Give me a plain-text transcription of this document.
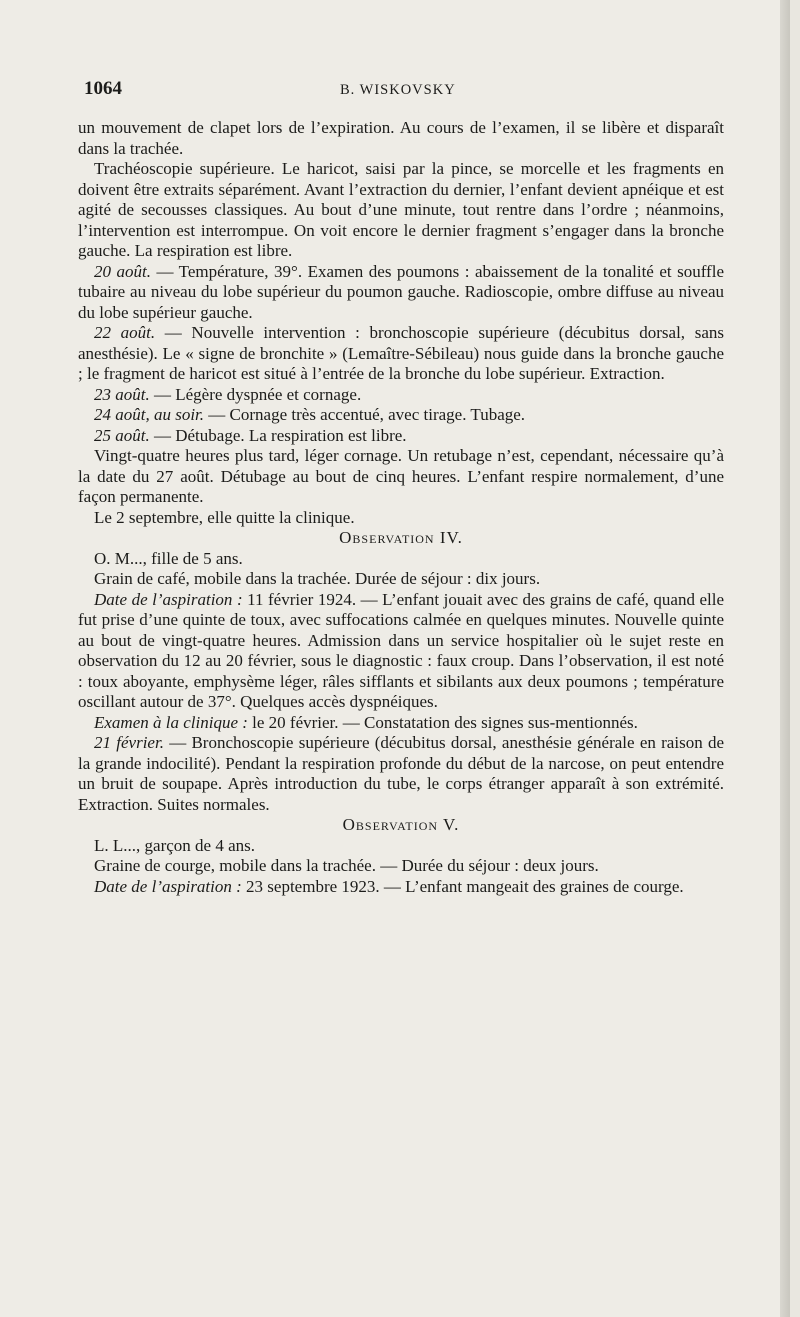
1064	B. WISKOVSKY

un mouvement de clapet lors de l’expiration. Au cours de l’examen, il se libère et disparaît dans la trachée.

Trachéoscopie supérieure. Le haricot, saisi par la pince, se morcelle et les fragments en doivent être extraits séparément. Avant l’extraction du dernier, l’enfant devient apnéique et est agité de secousses classiques. Au bout d’une minute, tout rentre dans l’ordre ; néanmoins, l’intervention est interrompue. On voit encore le dernier fragment s’engager dans la bronche gauche. La respiration est libre.

20 août. — Température, 39°. Examen des poumons : abaissement de la tonalité et souffle tubaire au niveau du lobe supérieur du poumon gauche. Radioscopie, ombre diffuse au niveau du lobe supérieur gauche.

22 août. — Nouvelle intervention : bronchoscopie supérieure (décubitus dorsal, sans anesthésie). Le « signe de bronchite » (Lemaître-Sébileau) nous guide dans la bronche gauche ; le fragment de haricot est situé à l’entrée de la bronche du lobe supérieur. Extraction.

23 août. — Légère dyspnée et cornage.

24 août, au soir. — Cornage très accentué, avec tirage. Tubage.

25 août. — Détubage. La respiration est libre.

Vingt-quatre heures plus tard, léger cornage. Un retubage n’est, cependant, nécessaire qu’à la date du 27 août. Détubage au bout de cinq heures. L’enfant respire normalement, d’une façon permanente.

Le 2 septembre, elle quitte la clinique.

Observation IV.

O. M..., fille de 5 ans.

Grain de café, mobile dans la trachée. Durée de séjour : dix jours.

Date de l’aspiration : 11 février 1924. — L’enfant jouait avec des grains de café, quand elle fut prise d’une quinte de toux, avec suffocations calmée en quelques minutes. Nouvelle quinte au bout de vingt-quatre heures. Admission dans un service hospitalier où le sujet reste en observation du 12 au 20 février, sous le diagnostic : faux croup. Dans l’observation, il est noté : toux aboyante, emphysème léger, râles sifflants et sibilants aux deux poumons ; température oscillant autour de 37°. Quelques accès dyspnéiques.

Examen à la clinique : le 20 février. — Constatation des signes sus-mentionnés.

21 février. — Bronchoscopie supérieure (décubitus dorsal, anesthésie générale en raison de la grande indocilité). Pendant la respiration profonde du début de la narcose, on peut entendre un bruit de soupape. Après introduction du tube, le corps étranger apparaît à son extrémité. Extraction. Suites normales.

Observation V.

L. L..., garçon de 4 ans.

Graine de courge, mobile dans la trachée. — Durée du séjour : deux jours.

Date de l’aspiration : 23 septembre 1923. — L’enfant mangeait des graines de courge.
